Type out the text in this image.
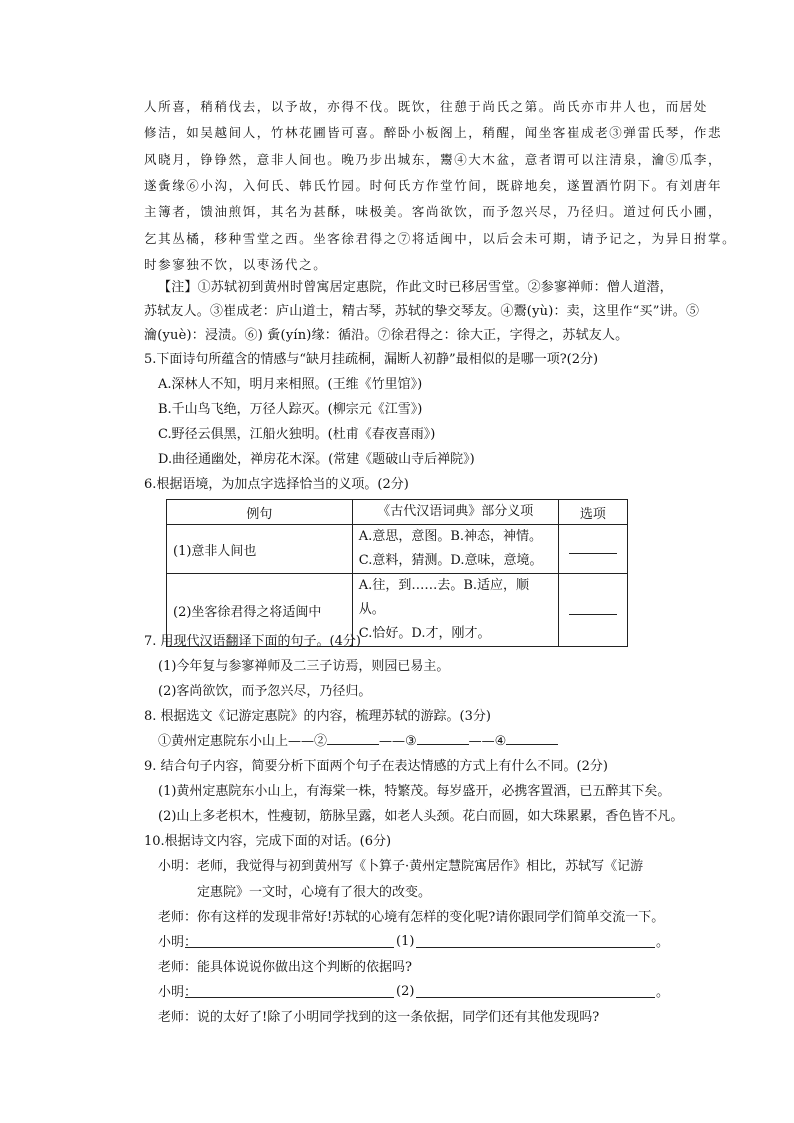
人所喜，稍稍伐去，以予故，亦得不伐。既饮，往憩于尚氏之第。尚氏亦市井人也，而居处
修洁，如吴越间人，竹林花圃皆可喜。醉卧小板阁上，稍醒，闻坐客崔成老③弹雷氏琴，作悲
风晓月，铮铮然，意非人间也。晚乃步出城东，鬻④大木盆，意者谓可以注清泉，瀹⑤瓜李，
遂夤缘⑥小沟，入何氏、韩氏竹园。时何氏方作堂竹间，既辟地矣，遂置酒竹阴下。有刘唐年
主簿者，馈油煎饵，其名为甚酥，味极美。客尚欲饮，而予忽兴尽，乃径归。道过何氏小圃，
乞其丛橘，移种雪堂之西。坐客徐君得之⑦将适闽中，以后会未可期，请予记之，为异日拊掌。
时参寥独不饮，以枣汤代之。
【注】①苏轼初到黄州时曾寓居定惠院，作此文时已移居雪堂。②参寥禅师：僧人道潜，
苏轼友人。③崔成老：庐山道士，精古琴，苏轼的挚交琴友。④鬻(yù)：卖，这里作“买”讲。⑤
瀹(yuè)：浸渍。⑥) 夤(yín)缘：循沿。⑦徐君得之：徐大正，字得之，苏轼友人。
5.下面诗句所蕴含的情感与“缺月挂疏桐，漏断人初静”最相似的是哪一项?(2分)
A.深林人不知，明月来相照。(王维《竹里馆》)
B.千山鸟飞绝，万径人踪灭。(柳宗元《江雪》)
C.野径云俱黑，江船火独明。(杜甫《春夜喜雨》)
D.曲径通幽处，禅房花木深。(常建《题破山寺后禅院》)
6.根据语境，为加点字选择恰当的义项。(2分)
例句	《古代汉语词典》部分义项	选项
(1)意非人间也	A.意思，意图。B.神态，神情。
C.意料，猜测。D.意味，意境。	

(2)坐客徐君得之将适闽中	A.往，到……去。B.适应，顺从。
C.恰好。D.才，刚才。	

7. 用现代汉语翻译下面的句子。(4分)
(1)今年复与参寥禅师及二三子访焉，则园已易主。
(2)客尚欲饮，而予忽兴尽，乃径归。
8. 根据选文《记游定惠院》的内容，梳理苏轼的游踪。(3分)
①黄州定惠院东小山上——②	——③	——④
9. 结合句子内容，简要分析下面两个句子在表达情感的方式上有什么不同。(2分)
(1)黄州定惠院东小山上，有海棠一株，特繁茂。每岁盛开，必携客置酒，已五醉其下矣。
(2)山上多老枳木，性瘦韧，筋脉呈露，如老人头颈。花白而圆，如大珠累累，香色皆不凡。
10.根据诗文内容，完成下面的对话。(6分)
小明：老师，我觉得与初到黄州写《卜算子·黄州定慧院寓居作》相比，苏轼写《记游
定惠院》一文时，心境有了很大的改变。
老师：你有这样的发现非常好!苏轼的心境有怎样的变化呢?请你跟同学们简单交流一下。
小明：	(1)	。
老师：能具体说说你做出这个判断的依据吗?
小明：	(2)	。
老师：说的太好了!除了小明同学找到的这一条依据，同学们还有其他发现吗?
